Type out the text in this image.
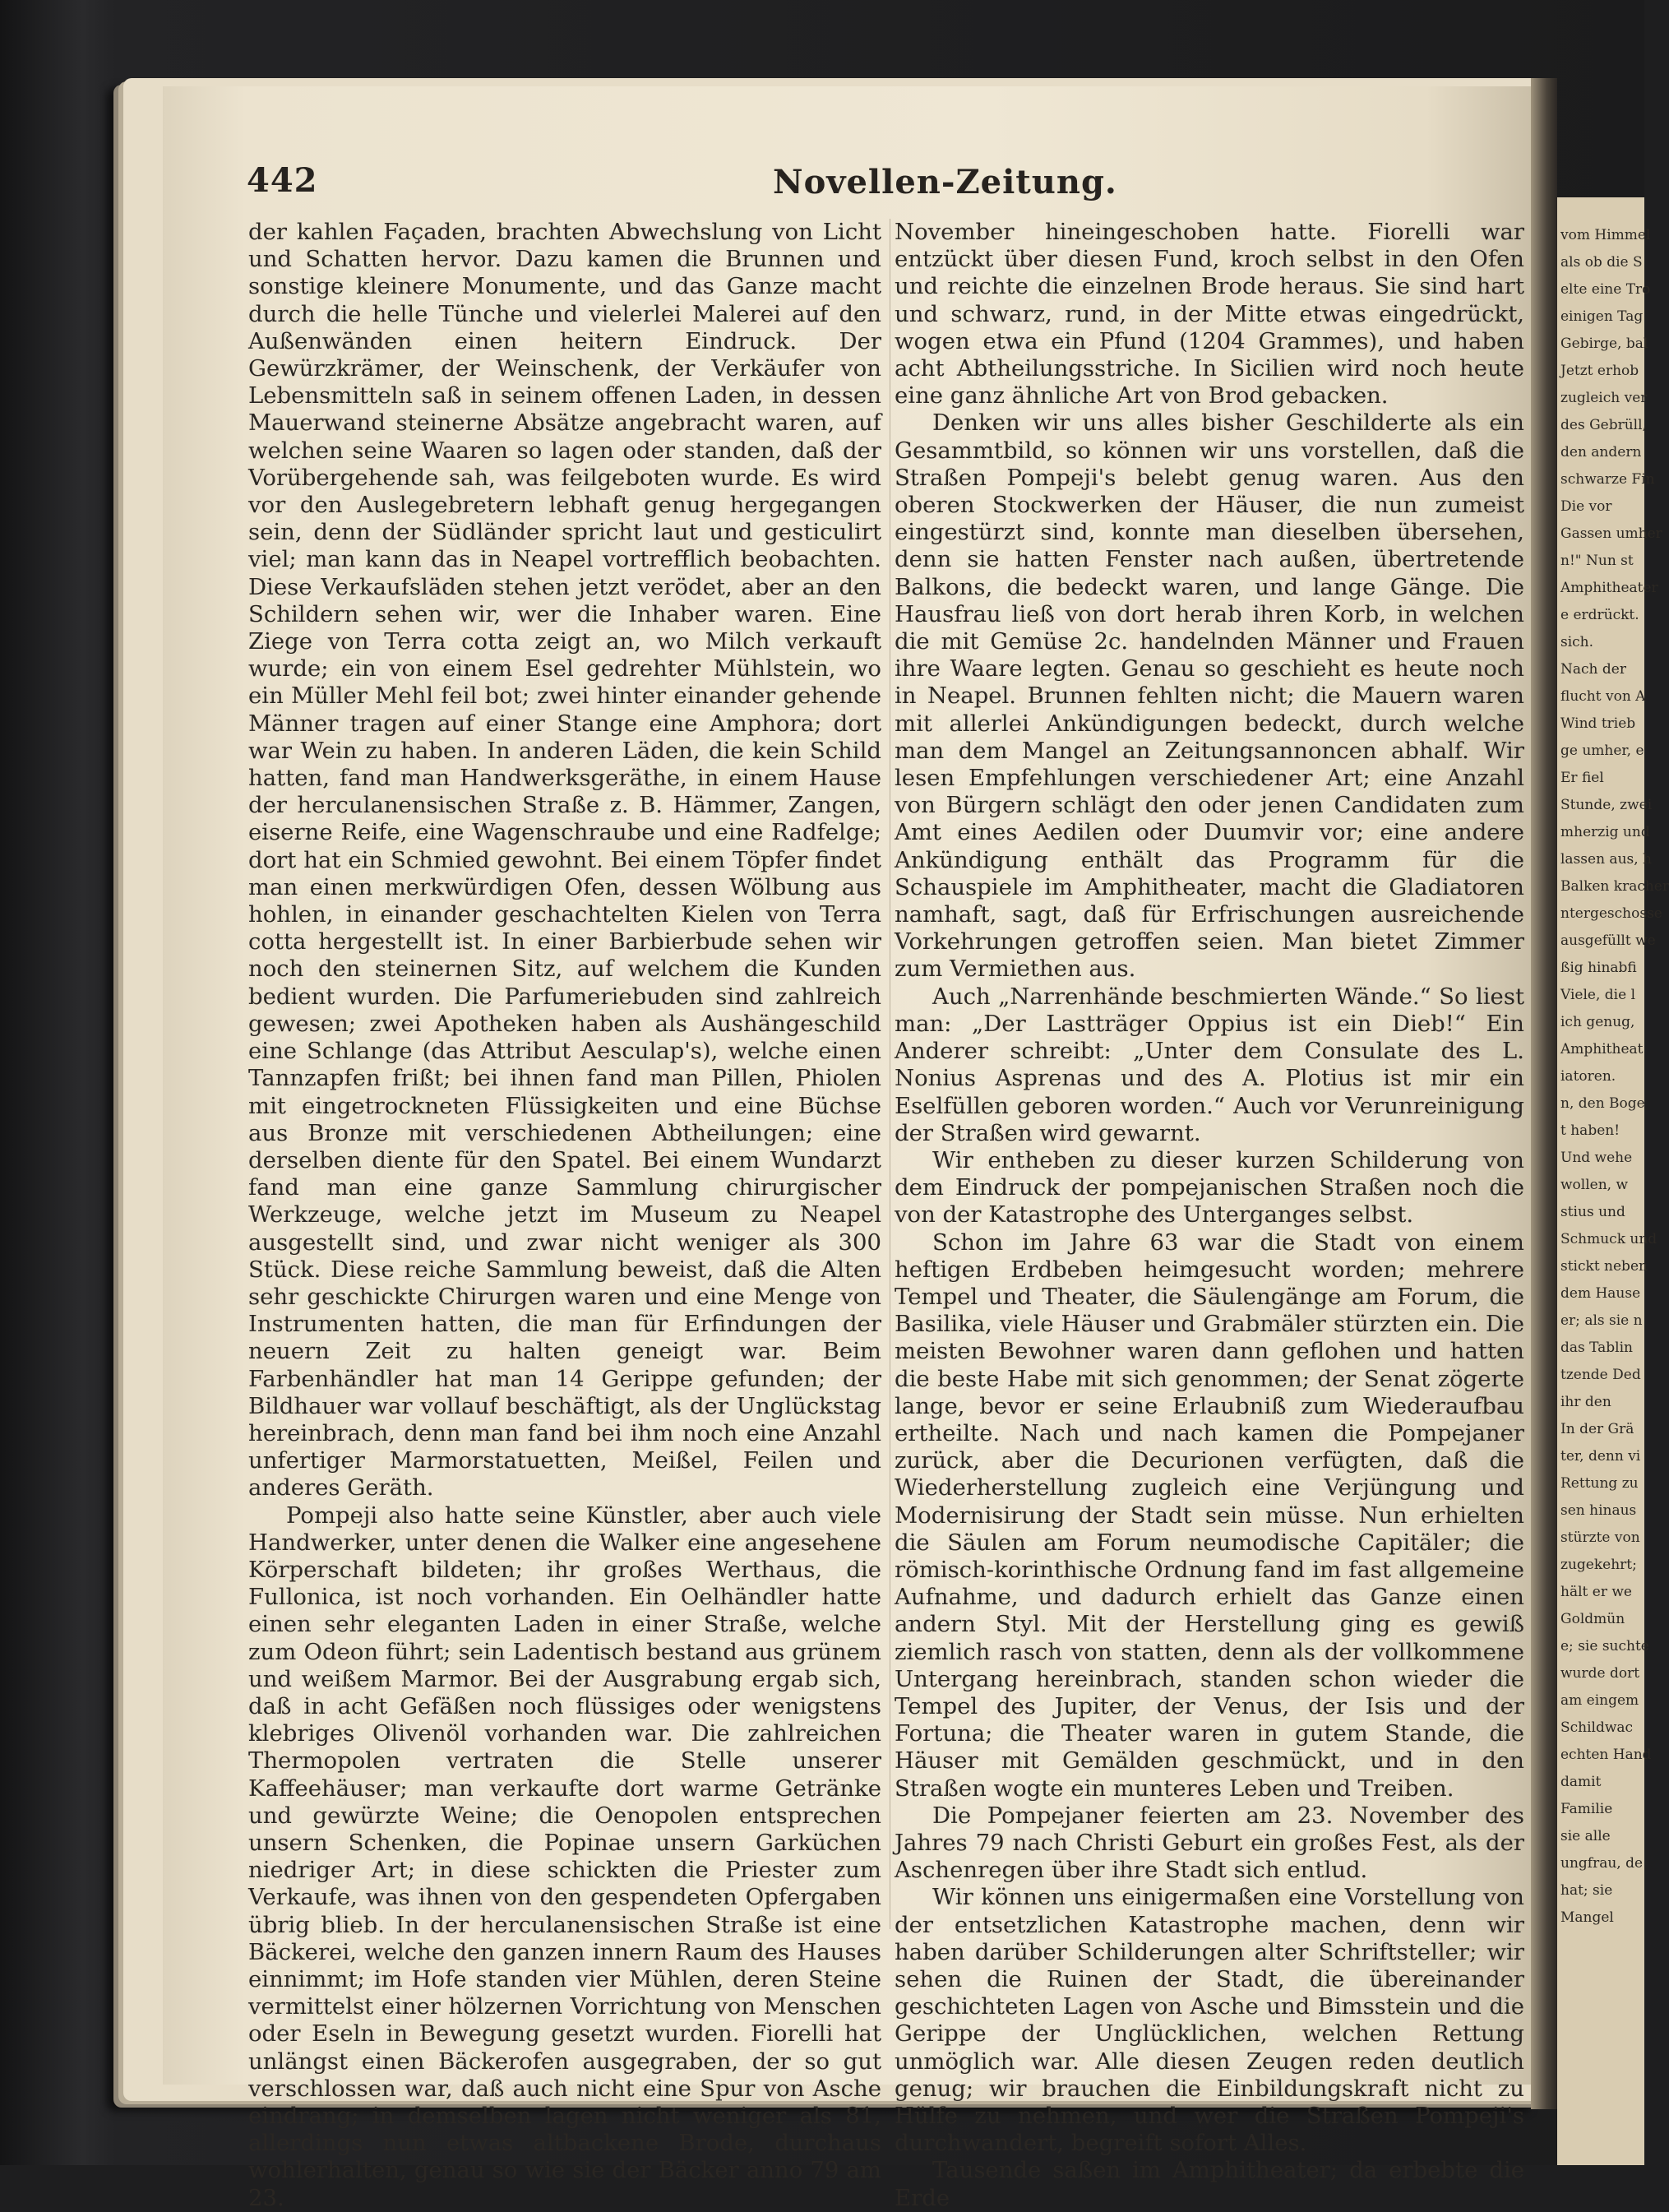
vom Himmel
als ob die S
elte eine Tro
einigen Tag
Gebirge, bal
Jetzt erhob
zugleich ver
des Gebrüll,
den andern
schwarze Fin
Die vor
Gassen umher
n!" Nun st
Amphitheater
e erdrückt.
sich.
Nach der
flucht von A
Wind trieb
ge umher, e
Er fiel
Stunde, zwei
mherzig und
lassen aus, h
Balken kracher
ntergeschosse
ausgefüllt we
ßig hinabfi
Viele, die l
ich genug,
Amphitheat
iatoren.
n, den Boge
t haben!
Und wehe
wollen, w
stius und
Schmuck und
stickt neben
dem Hause
er; als sie n
das Tablin
tzende Ded
ihr den
In der Grä
ter, denn vi
Rettung zu
sen hinaus
stürzte von
zugekehrt;
hält er we
Goldmün
e; sie suchte
wurde dort
am eingem
Schildwac
echten Hand
damit
Familie
sie alle
ungfrau, de
hat; sie
Mangel
442	Novellen-Zeitung.

der kahlen Façaden, brachten Abwechslung von Licht und Schatten hervor. Dazu kamen die Brunnen und sonstige kleinere Monumente, und das Ganze macht durch die helle Tünche und vielerlei Malerei auf den Außenwänden einen heitern Eindruck. Der Gewürzkrämer, der Weinschenk, der Verkäufer von Lebensmitteln saß in seinem offenen Laden, in dessen Mauerwand steinerne Absätze angebracht waren, auf welchen seine Waaren so lagen oder standen, daß der Vorübergehende sah, was feilgeboten wurde. Es wird vor den Auslegebretern lebhaft genug hergegangen sein, denn der Südländer spricht laut und gesticulirt viel; man kann das in Neapel vortrefflich beobachten. Diese Verkaufsläden stehen jetzt verödet, aber an den Schildern sehen wir, wer die Inhaber waren. Eine Ziege von Terra cotta zeigt an, wo Milch verkauft wurde; ein von einem Esel gedrehter Mühlstein, wo ein Müller Mehl feil bot; zwei hinter einander gehende Männer tragen auf einer Stange eine Amphora; dort war Wein zu haben. In anderen Läden, die kein Schild hatten, fand man Handwerksgeräthe, in einem Hause der herculanensischen Straße z. B. Hämmer, Zangen, eiserne Reife, eine Wagenschraube und eine Radfelge; dort hat ein Schmied gewohnt. Bei einem Töpfer findet man einen merkwürdigen Ofen, dessen Wölbung aus hohlen, in einander geschachtelten Kielen von Terra cotta hergestellt ist. In einer Barbierbude sehen wir noch den steinernen Sitz, auf welchem die Kunden bedient wurden. Die Parfumeriebuden sind zahlreich gewesen; zwei Apotheken haben als Aushängeschild eine Schlange (das Attribut Aesculap's), welche einen Tannzapfen frißt; bei ihnen fand man Pillen, Phiolen mit eingetrockneten Flüssigkeiten und eine Büchse aus Bronze mit verschiedenen Abtheilungen; eine derselben diente für den Spatel. Bei einem Wundarzt fand man eine ganze Sammlung chirurgischer Werkzeuge, welche jetzt im Museum zu Neapel ausgestellt sind, und zwar nicht weniger als 300 Stück. Diese reiche Sammlung beweist, daß die Alten sehr geschickte Chirurgen waren und eine Menge von Instrumenten hatten, die man für Erfindungen der neuern Zeit zu halten geneigt war. Beim Farbenhändler hat man 14 Gerippe gefunden; der Bildhauer war vollauf beschäftigt, als der Unglückstag hereinbrach, denn man fand bei ihm noch eine Anzahl unfertiger Marmorstatuetten, Meißel, Feilen und anderes Geräth.

Pompeji also hatte seine Künstler, aber auch viele Handwerker, unter denen die Walker eine angesehene Körperschaft bildeten; ihr großes Werthaus, die Fullonica, ist noch vorhanden. Ein Oelhändler hatte einen sehr eleganten Laden in einer Straße, welche zum Odeon führt; sein Ladentisch bestand aus grünem und weißem Marmor. Bei der Ausgrabung ergab sich, daß in acht Gefäßen noch flüssiges oder wenigstens klebriges Olivenöl vorhanden war. Die zahlreichen Thermopolen vertraten die Stelle unserer Kaffeehäuser; man verkaufte dort warme Getränke und gewürzte Weine; die Oenopolen entsprechen unsern Schenken, die Popinae unsern Garküchen niedriger Art; in diese schickten die Priester zum Verkaufe, was ihnen von den gespendeten Opfergaben übrig blieb. In der herculanensischen Straße ist eine Bäckerei, welche den ganzen innern Raum des Hauses einnimmt; im Hofe standen vier Mühlen, deren Steine vermittelst einer hölzernen Vorrichtung von Menschen oder Eseln in Bewegung gesetzt wurden. Fiorelli hat unlängst einen Bäckerofen ausgegraben, der so gut verschlossen war, daß auch nicht eine Spur von Asche eindrang; in demselben lagen nicht weniger als 81, allerdings nun etwas altbackene Brode, durchaus wohlerhalten, genau so wie sie der Bäcker anno 79 am 23.

November hineingeschoben hatte. Fiorelli war entzückt über diesen Fund, kroch selbst in den Ofen und reichte die einzelnen Brode heraus. Sie sind hart und schwarz, rund, in der Mitte etwas eingedrückt, wogen etwa ein Pfund (1204 Grammes), und haben acht Abtheilungsstriche. In Sicilien wird noch heute eine ganz ähnliche Art von Brod gebacken.

Denken wir uns alles bisher Geschilderte als ein Gesammtbild, so können wir uns vorstellen, daß die Straßen Pompeji's belebt genug waren. Aus den oberen Stockwerken der Häuser, die nun zumeist eingestürzt sind, konnte man dieselben übersehen, denn sie hatten Fenster nach außen, übertretende Balkons, die bedeckt waren, und lange Gänge. Die Hausfrau ließ von dort herab ihren Korb, in welchen die mit Gemüse 2c. handelnden Männer und Frauen ihre Waare legten. Genau so geschieht es heute noch in Neapel. Brunnen fehlten nicht; die Mauern waren mit allerlei Ankündigungen bedeckt, durch welche man dem Mangel an Zeitungsannoncen abhalf. Wir lesen Empfehlungen verschiedener Art; eine Anzahl von Bürgern schlägt den oder jenen Candidaten zum Amt eines Aedilen oder Duumvir vor; eine andere Ankündigung enthält das Programm für die Schauspiele im Amphitheater, macht die Gladiatoren namhaft, sagt, daß für Erfrischungen ausreichende Vorkehrungen getroffen seien. Man bietet Zimmer zum Vermiethen aus.

Auch „Narrenhände beschmierten Wände.“ So liest man: „Der Lastträger Oppius ist ein Dieb!“ Ein Anderer schreibt: „Unter dem Consulate des L. Nonius Asprenas und des A. Plotius ist mir ein Eselfüllen geboren worden.“ Auch vor Verunreinigung der Straßen wird gewarnt.

Wir entheben zu dieser kurzen Schilderung von dem Eindruck der pompejanischen Straßen noch die von der Katastrophe des Unterganges selbst.

Schon im Jahre 63 war die Stadt von einem heftigen Erdbeben heimgesucht worden; mehrere Tempel und Theater, die Säulengänge am Forum, die Basilika, viele Häuser und Grabmäler stürzten ein. Die meisten Bewohner waren dann geflohen und hatten die beste Habe mit sich genommen; der Senat zögerte lange, bevor er seine Erlaubniß zum Wiederaufbau ertheilte. Nach und nach kamen die Pompejaner zurück, aber die Decurionen verfügten, daß die Wiederherstellung zugleich eine Verjüngung und Modernisirung der Stadt sein müsse. Nun erhielten die Säulen am Forum neumodische Capitäler; die römisch-korinthische Ordnung fand im fast allgemeine Aufnahme, und dadurch erhielt das Ganze einen andern Styl. Mit der Herstellung ging es gewiß ziemlich rasch von statten, denn als der vollkommene Untergang hereinbrach, standen schon wieder die Tempel des Jupiter, der Venus, der Isis und der Fortuna; die Theater waren in gutem Stande, die Häuser mit Gemälden geschmückt, und in den Straßen wogte ein munteres Leben und Treiben.

Die Pompejaner feierten am 23. November des Jahres 79 nach Christi Geburt ein großes Fest, als der Aschenregen über ihre Stadt sich entlud.

Wir können uns einigermaßen eine Vorstellung von der entsetzlichen Katastrophe machen, denn wir haben darüber Schilderungen alter Schriftsteller; wir sehen die Ruinen der Stadt, die übereinander geschichteten Lagen von Asche und Bimsstein und die Gerippe der Unglücklichen, welchen Rettung unmöglich war. Alle diesen Zeugen reden deutlich genug; wir brauchen die Einbildungskraft nicht zu Hülfe zu nehmen, und wer die Straßen Pompeji's durchwandert, begreift sofort Alles.

Tausende saßen im Amphitheater; da erbebte die Erde
